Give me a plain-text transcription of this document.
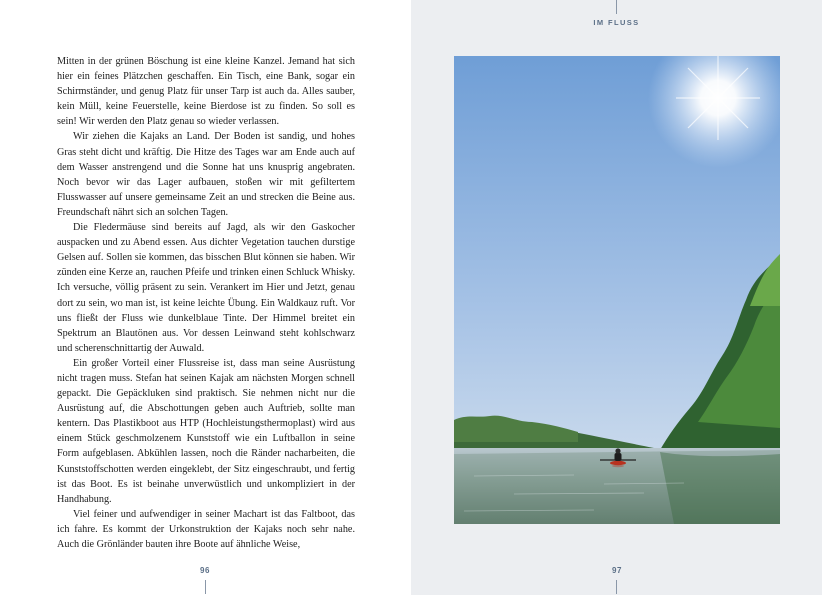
Mitten in der grünen Böschung ist eine kleine Kanzel. Jemand hat sich hier ein feines Plätzchen geschaffen. Ein Tisch, eine Bank, sogar ein Schirmständer, und genug Platz für unser Tarp ist auch da. Alles sauber, kein Müll, keine Feuerstelle, keine Bierdose ist zu finden. So soll es sein! Wir werden den Platz genau so wieder verlassen.

Wir ziehen die Kajaks an Land. Der Boden ist sandig, und hohes Gras steht dicht und kräftig. Die Hitze des Tages war am Ende auch auf dem Wasser anstrengend und die Sonne hat uns knusprig angebraten. Noch bevor wir das Lager aufbauen, stoßen wir mit gefiltertem Flusswasser auf unsere gemeinsame Zeit an und strecken die Beine aus. Freundschaft nährt sich an solchen Tagen.

Die Fledermäuse sind bereits auf Jagd, als wir den Gaskocher auspacken und zu Abend essen. Aus dichter Vegetation tauchen durstige Gelsen auf. Sollen sie kommen, das bisschen Blut können sie haben. Wir zünden eine Kerze an, rauchen Pfeife und trinken einen Schluck Whisky. Ich versuche, völlig präsent zu sein. Verankert im Hier und Jetzt, genau dort zu sein, wo man ist, ist keine leichte Übung. Ein Waldkauz ruft. Vor uns fließt der Fluss wie dunkelblaue Tinte. Der Himmel breitet ein Spektrum an Blautönen aus. Vor dessen Leinwand steht kohlschwarz und scherenschnittartig der Auwald.

Ein großer Vorteil einer Flussreise ist, dass man seine Ausrüstung nicht tragen muss. Stefan hat seinen Kajak am nächsten Morgen schnell gepackt. Die Gepäckluken sind praktisch. Sie nehmen nicht nur die Ausrüstung auf, die Abschottungen geben auch Auftrieb, sollte man kentern. Das Plastikboot aus HTP (Hochleistungsthermoplast) wird aus einem Stück geschmolzenem Kunststoff wie ein Luftballon in seine Form aufgeblasen. Abkühlen lassen, noch die Ränder nacharbeiten, die Kunststoffschotten werden eingeklebt, der Sitz eingeschraubt, und fertig ist das Boot. Es ist beinahe unverwüstlich und unkompliziert in der Handhabung.

Viel feiner und aufwendiger in seiner Machart ist das Faltboot, das ich fahre. Es kommt der Urkonstruktion der Kajaks noch sehr nahe. Auch die Grönländer bauten ihre Boote auf ähnliche Weise,

96
IM FLUSS
97
